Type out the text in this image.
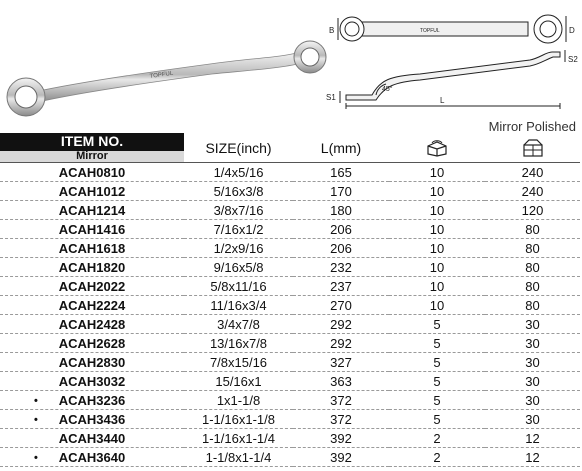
TOPFUL
B	D
TOPFUL
S1
S2
L
45°
Mirror Polished
ITEM NO.
Mirror	SIZE(inch)	L(mm)		

ACAH0810	1/4x5/16	165	10	240

ACAH1012	5/16x3/8	170	10	240

ACAH1214	3/8x7/16	180	10	120

ACAH1416	7/16x1/2	206	10	80

ACAH1618	1/2x9/16	206	10	80

ACAH1820	9/16x5/8	232	10	80

ACAH2022	5/8x11/16	237	10	80

ACAH2224	11/16x3/4	270	10	80

ACAH2428	3/4x7/8	292	5	30

ACAH2628	13/16x7/8	292	5	30

ACAH2830	7/8x15/16	327	5	30

ACAH3032	15/16x1	363	5	30

• ACAH3236	1x1-1/8	372	5	30

• ACAH3436	1-1/16x1-1/8	372	5	30

ACAH3440	1-1/16x1-1/4	392	2	12

• ACAH3640	1-1/8x1-1/4	392	2	12
